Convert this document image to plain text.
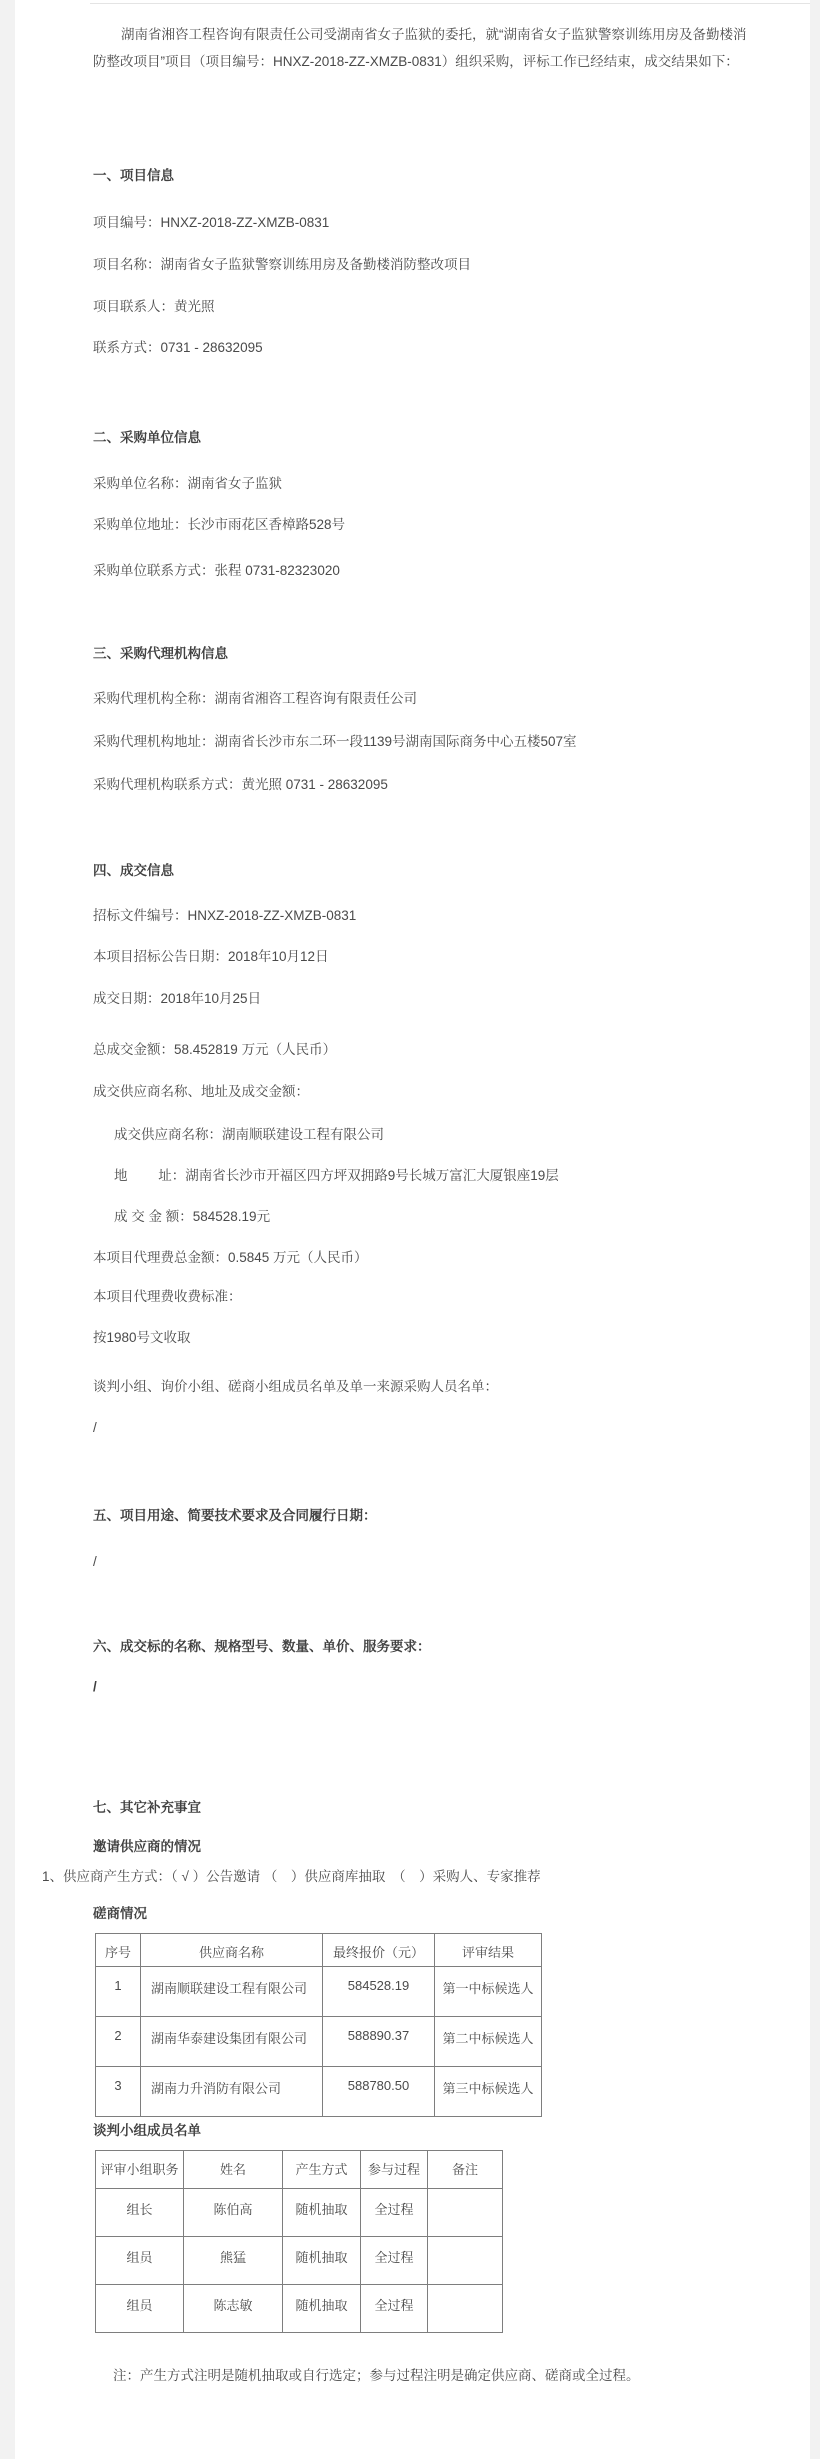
湖南省湘咨工程咨询有限责任公司受湖南省女子监狱的委托，就“湖南省女子监狱警察训练用房及备勤楼消防整改项目”项目（项目编号：HNXZ-2018-ZZ-XMZB-0831）组织采购，评标工作已经结束，成交结果如下：

一、项目信息
项目编号：HNXZ-2018-ZZ-XMZB-0831
项目名称：湖南省女子监狱警察训练用房及备勤楼消防整改项目
项目联系人：黄光照
联系方式：0731 - 28632095
二、采购单位信息
采购单位名称：湖南省女子监狱
采购单位地址：长沙市雨花区香樟路528号
采购单位联系方式：张程 0731-82323020
三、采购代理机构信息
采购代理机构全称：湖南省湘咨工程咨询有限责任公司
采购代理机构地址：湖南省长沙市东二环一段1139号湖南国际商务中心五楼507室
采购代理机构联系方式：黄光照 0731 - 28632095
四、成交信息
招标文件编号：HNXZ-2018-ZZ-XMZB-0831
本项目招标公告日期：2018年10月12日
成交日期：2018年10月25日
总成交金额：58.452819 万元（人民币）
成交供应商名称、地址及成交金额：
成交供应商名称：湖南顺联建设工程有限公司
地　　 址：湖南省长沙市开福区四方坪双拥路9号长城万富汇大厦银座19层
成 交 金 额：584528.19元
本项目代理费总金额：0.5845 万元（人民币）
本项目代理费收费标准：
按1980号文收取
谈判小组、询价小组、磋商小组成员名单及单一来源采购人员名单：
/
五、项目用途、简要技术要求及合同履行日期：
/
六、成交标的名称、规格型号、数量、单价、服务要求：
/
七、其它补充事宜
邀请供应商的情况
1、供应商产生方式：（ √ ）公告邀请 （　）供应商库抽取　（　）采购人、专家推荐
磋商情况
序号	供应商名称	最终报价（元）	评审结果
1	湖南顺联建设工程有限公司	584528.19	第一中标候选人
2	湖南华泰建设集团有限公司	588890.37	第二中标候选人
3	湖南力升消防有限公司	588780.50	第三中标候选人
谈判小组成员名单
评审小组职务	姓名	产生方式	参与过程	备注
组长	陈伯高	随机抽取	全过程	
组员	熊猛	随机抽取	全过程	
组员	陈志敏	随机抽取	全过程	
注：产生方式注明是随机抽取或自行选定；参与过程注明是确定供应商、磋商或全过程。
